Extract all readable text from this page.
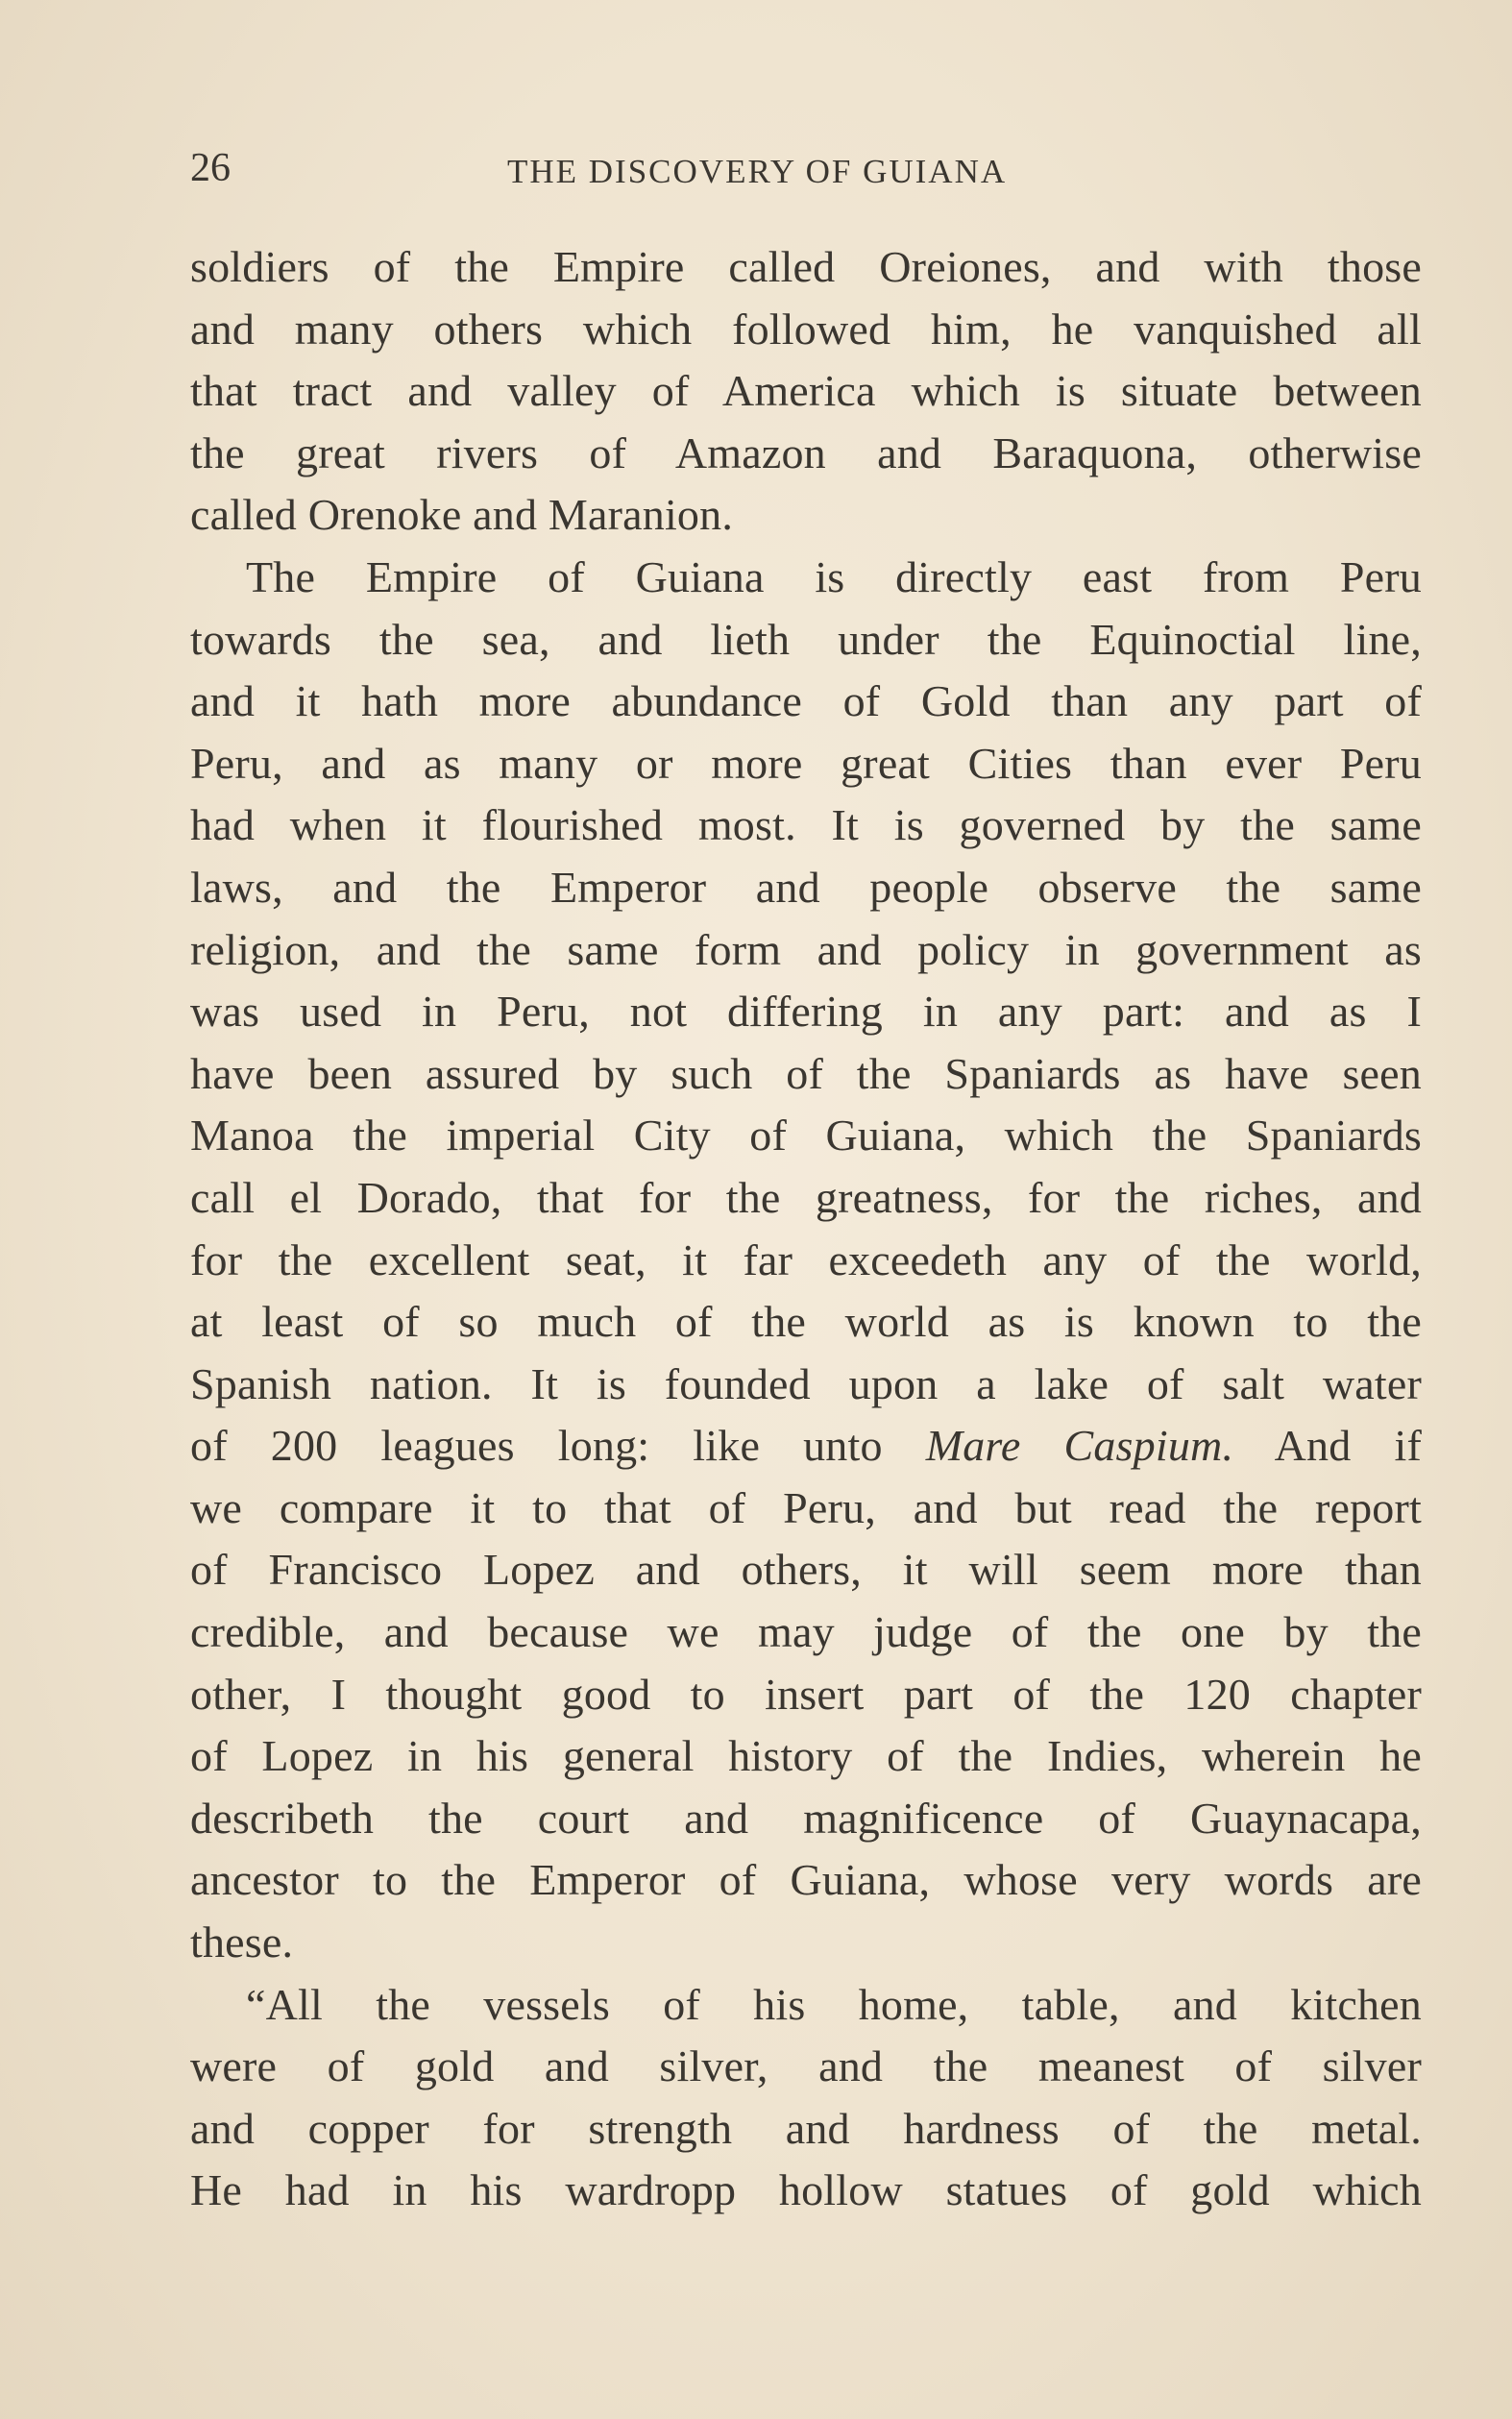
26	THE DISCOVERY OF GUIANA
soldiers of the Empire called Oreiones, and with those
and many others which followed him, he vanquished all
that tract and valley of America which is situate between
the great rivers of Amazon and Baraquona, otherwise
called Orenoke and Maranion.
The Empire of Guiana is directly east from Peru
towards the sea, and lieth under the Equinoctial line,
and it hath more abundance of Gold than any part of
Peru, and as many or more great Cities than ever Peru
had when it flourished most. It is governed by the same
laws, and the Emperor and people observe the same
religion, and the same form and policy in government as
was used in Peru, not differing in any part: and as I
have been assured by such of the Spaniards as have seen
Manoa the imperial City of Guiana, which the Spaniards
call el Dorado, that for the greatness, for the riches, and
for the excellent seat, it far exceedeth any of the world,
at least of so much of the world as is known to the
Spanish nation. It is founded upon a lake of salt water
of 200 leagues long: like unto Mare Caspium. And if
we compare it to that of Peru, and but read the report
of Francisco Lopez and others, it will seem more than
credible, and because we may judge of the one by the
other, I thought good to insert part of the 120 chapter
of Lopez in his general history of the Indies, wherein he
describeth the court and magnificence of Guaynacapa,
ancestor to the Emperor of Guiana, whose very words are
these.
“All the vessels of his home, table, and kitchen
were of gold and silver, and the meanest of silver
and copper for strength and hardness of the metal.
He had in his wardropp hollow statues of gold which
